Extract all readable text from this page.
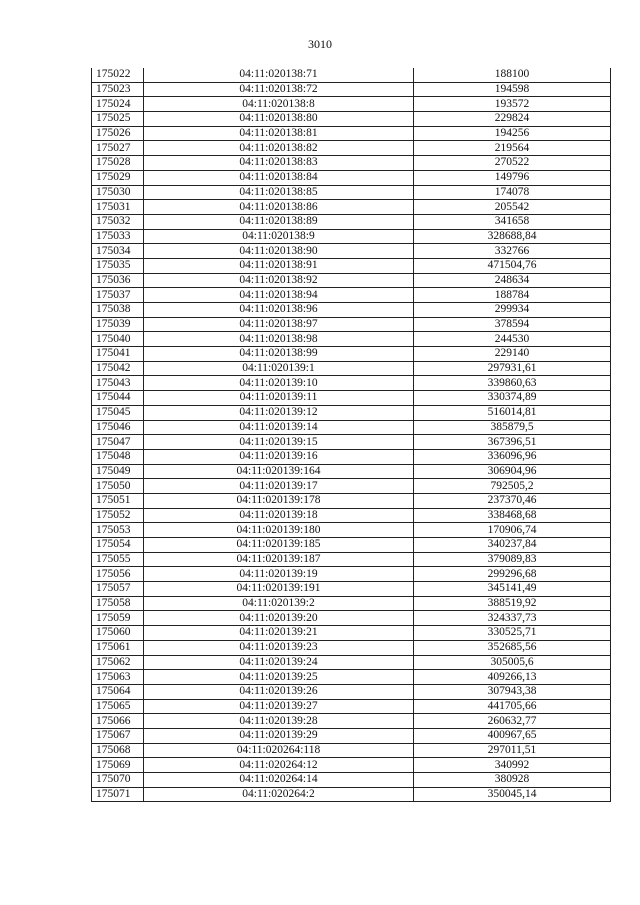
3010
175022	04:11:020138:71	188100
175023	04:11:020138:72	194598
175024	04:11:020138:8	193572
175025	04:11:020138:80	229824
175026	04:11:020138:81	194256
175027	04:11:020138:82	219564
175028	04:11:020138:83	270522
175029	04:11:020138:84	149796
175030	04:11:020138:85	174078
175031	04:11:020138:86	205542
175032	04:11:020138:89	341658
175033	04:11:020138:9	328688,84
175034	04:11:020138:90	332766
175035	04:11:020138:91	471504,76
175036	04:11:020138:92	248634
175037	04:11:020138:94	188784
175038	04:11:020138:96	299934
175039	04:11:020138:97	378594
175040	04:11:020138:98	244530
175041	04:11:020138:99	229140
175042	04:11:020139:1	297931,61
175043	04:11:020139:10	339860,63
175044	04:11:020139:11	330374,89
175045	04:11:020139:12	516014,81
175046	04:11:020139:14	385879,5
175047	04:11:020139:15	367396,51
175048	04:11:020139:16	336096,96
175049	04:11:020139:164	306904,96
175050	04:11:020139:17	792505,2
175051	04:11:020139:178	237370,46
175052	04:11:020139:18	338468,68
175053	04:11:020139:180	170906,74
175054	04:11:020139:185	340237,84
175055	04:11:020139:187	379089,83
175056	04:11:020139:19	299296,68
175057	04:11:020139:191	345141,49
175058	04:11:020139:2	388519,92
175059	04:11:020139:20	324337,73
175060	04:11:020139:21	330525,71
175061	04:11:020139:23	352685,56
175062	04:11:020139:24	305005,6
175063	04:11:020139:25	409266,13
175064	04:11:020139:26	307943,38
175065	04:11:020139:27	441705,66
175066	04:11:020139:28	260632,77
175067	04:11:020139:29	400967,65
175068	04:11:020264:118	297011,51
175069	04:11:020264:12	340992
175070	04:11:020264:14	380928
175071	04:11:020264:2	350045,14
